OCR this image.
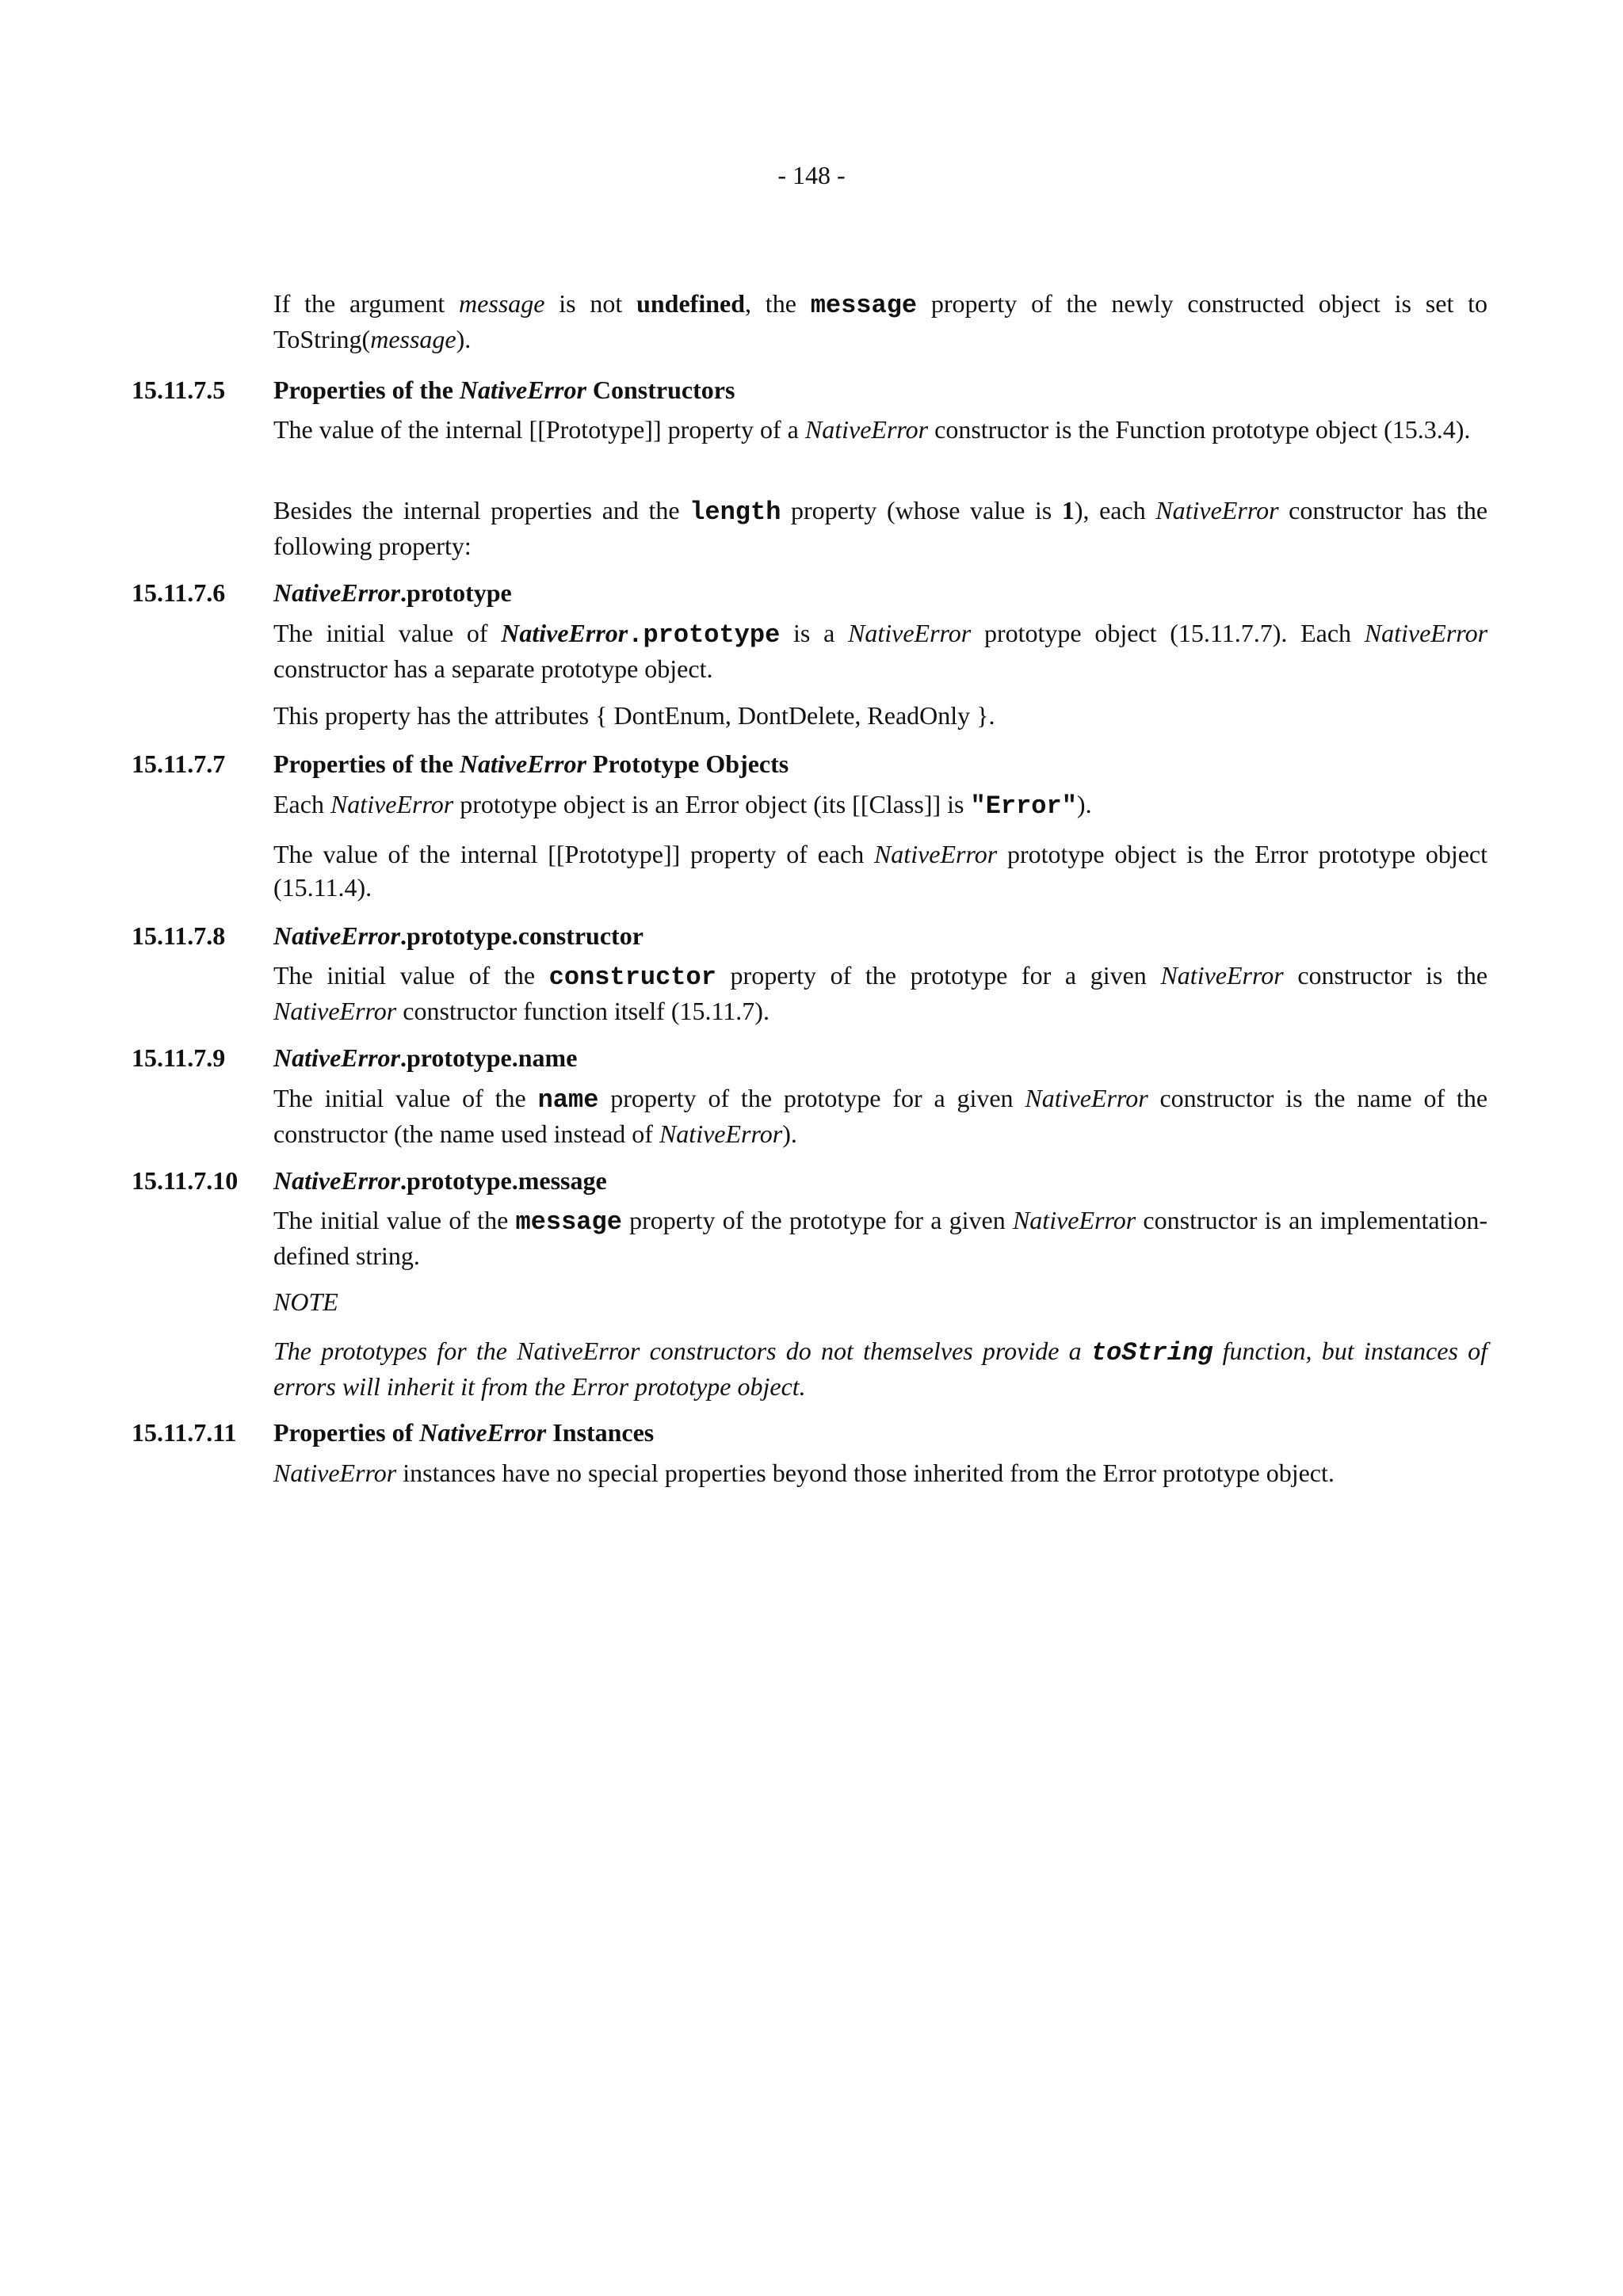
- 148 -
If the argument message is not undefined, the message property of the newly constructed object is set to ToString(message).
15.11.7.5 Properties of the NativeError Constructors
The value of the internal [[Prototype]] property of a NativeError constructor is the Function prototype object (15.3.4).
Besides the internal properties and the length property (whose value is 1), each NativeError constructor has the following property:
15.11.7.6 NativeError.prototype
The initial value of NativeError.prototype is a NativeError prototype object (15.11.7.7). Each NativeError constructor has a separate prototype object.
This property has the attributes { DontEnum, DontDelete, ReadOnly }.
15.11.7.7 Properties of the NativeError Prototype Objects
Each NativeError prototype object is an Error object (its [[Class]] is "Error").
The value of the internal [[Prototype]] property of each NativeError prototype object is the Error prototype object (15.11.4).
15.11.7.8 NativeError.prototype.constructor
The initial value of the constructor property of the prototype for a given NativeError constructor is the NativeError constructor function itself (15.11.7).
15.11.7.9 NativeError.prototype.name
The initial value of the name property of the prototype for a given NativeError constructor is the name of the constructor (the name used instead of NativeError).
15.11.7.10 NativeError.prototype.message
The initial value of the message property of the prototype for a given NativeError constructor is an implementation-defined string.
NOTE
The prototypes for the NativeError constructors do not themselves provide a toString function, but instances of errors will inherit it from the Error prototype object.
15.11.7.11 Properties of NativeError Instances
NativeError instances have no special properties beyond those inherited from the Error prototype object.
